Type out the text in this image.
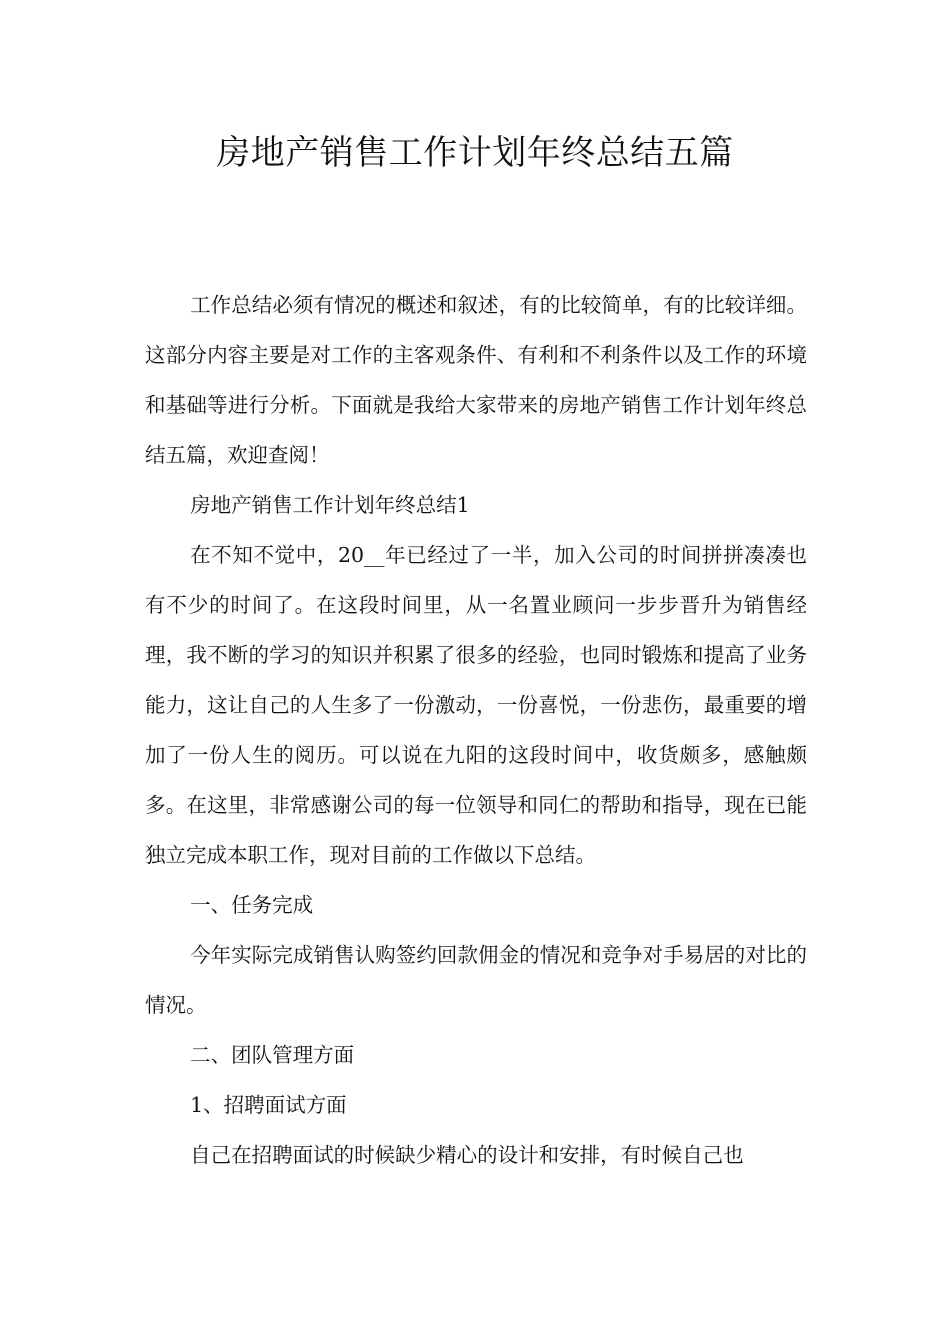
房地产销售工作计划年终总结五篇

工作总结必须有情况的概述和叙述，有的比较简单，有的比较详细。这部分内容主要是对工作的主客观条件、有利和不利条件以及工作的环境和基础等进行分析。下面就是我给大家带来的房地产销售工作计划年终总结五篇，欢迎查阅！

房地产销售工作计划年终总结1

在不知不觉中，20__年已经过了一半，加入公司的时间拼拼凑凑也有不少的时间了。在这段时间里，从一名置业顾问一步步晋升为销售经理，我不断的学习的知识并积累了很多的经验，也同时锻炼和提高了业务能力，这让自己的人生多了一份激动，一份喜悦，一份悲伤，最重要的增加了一份人生的阅历。可以说在九阳的这段时间中，收货颇多，感触颇多。在这里，非常感谢公司的每一位领导和同仁的帮助和指导，现在已能独立完成本职工作，现对目前的工作做以下总结。

一、任务完成

今年实际完成销售认购签约回款佣金的情况和竞争对手易居的对比的情况。

二、团队管理方面

1、招聘面试方面

自己在招聘面试的时候缺少精心的设计和安排，有时候自己也
